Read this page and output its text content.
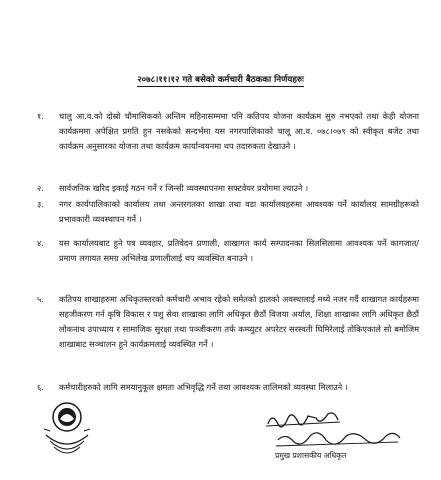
२०७८।११।१२ गते बसेको कर्मचारी बैठकका निर्णयहरुः
१.	चालु आ.व.को दोस्रो चौमासिकको अन्तिम महिनासम्ममा पनि कतिपय योजना कार्यक्रम सुरु नभएको तथा केही योजना कार्यक्रममा अपेक्षित प्रगति हुन नसकेको सन्दर्भमा यस नगरपालिकाको चालू आ.व. ०७८।०७९ को स्वीकृत बजेट तथा कार्यक्रम अनुसारका योजना तथा कार्यक्रम कार्यान्वयनमा थप तदारुकता देखाउने ।
२.	सार्वजनिक खरिद इकाई गठन गर्ने र जिन्सी व्यवस्थापनमा सफ्टवेयर प्रयोगमा ल्याउने ।
३.	नगर कार्यपालिकाको कार्यालय तथा अन्तरगतका शाखा तथा वडा कार्यालयहरुमा आवश्यक पर्ने कार्यालय सामग्रीहरूको प्रभावकारी व्यवस्थापन गर्ने ।
४.	यस कार्यालयबाट हुने पत्र व्यवहार, प्रतिवेदन प्रणाली, शाखागत कार्य सम्पादनका सिलसिलामा आवश्यक पर्ने कागजात/प्रमाण लगायत समग्र अभिलेख प्रणालीलाई थप व्यवस्थित बनाउने ।
५.	कतिपय शाखाहरुमा अधिकृतस्तरको कर्मचारी अभाव रहेको समेतको हालको अवस्थालाई मध्ये नजर गर्दै शाखागत कार्यहरुमा सहजीकरण गर्न कृषि विकास र पशु सेवा शाखाका लागि अधिकृत छैठौं विजया अर्याल, शिक्षा शाखाका लागि अधिकृत छैठौं लोकनाथ उपाध्याय र सामाजिक सुरक्षा तथा पञ्जीकरण तर्फ कम्प्युटर अपरेटर सरस्वती घिमिरेलाई तोकिएकाले सो बमोजिम शाखाबाट सञ्चालन हुने कार्यक्रमलाई व्यवस्थित गर्ने ।
६.	कर्मचारीहरुको लागि समयानुकूल क्षमता अभिवृद्धि गर्ने तथा आवश्यक तालिमको व्यवस्था मिलाउने ।
प्रमुख प्रशासकीय अधिकृत
